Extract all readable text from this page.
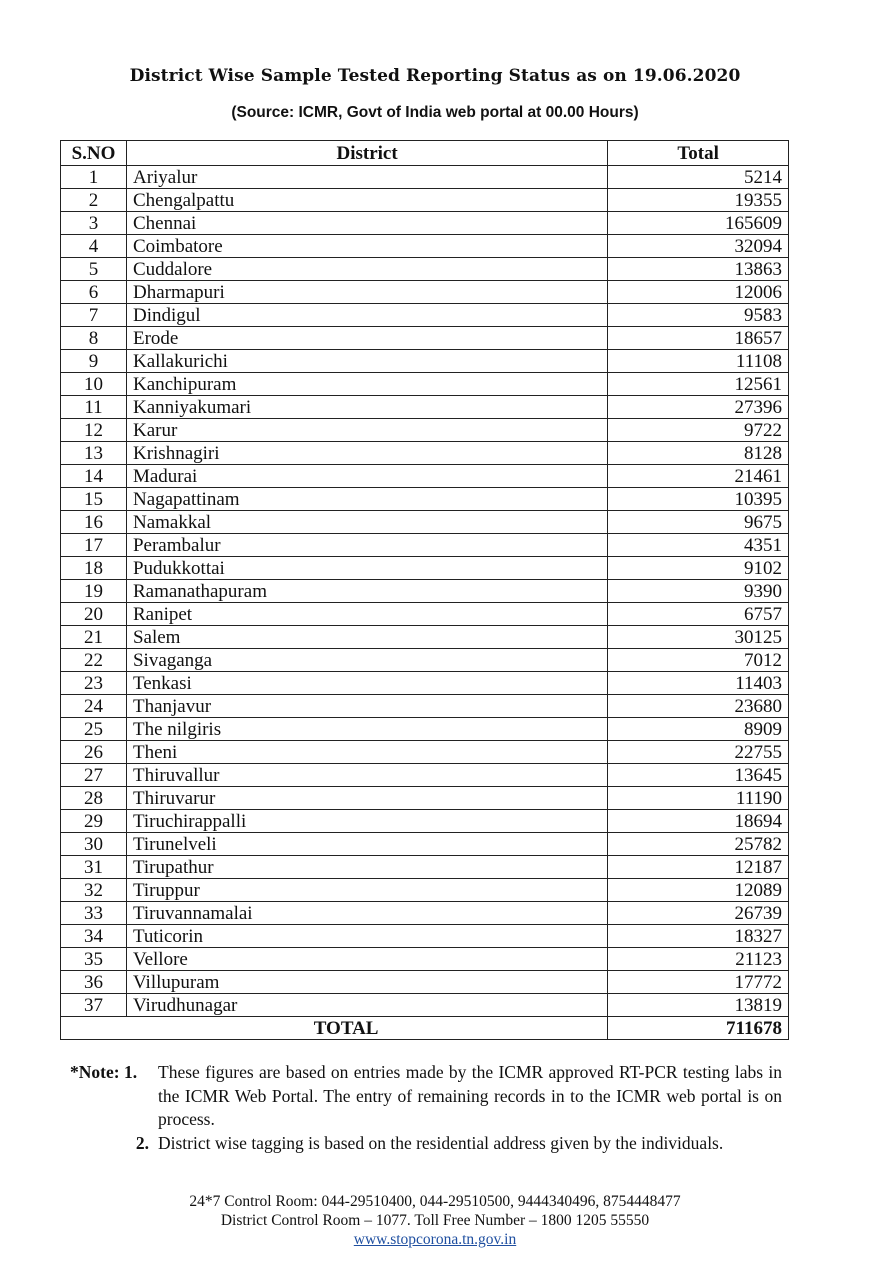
District Wise Sample Tested Reporting Status as on 19.06.2020
(Source: ICMR, Govt of India web portal at 00.00 Hours)
S.NO	District	Total
1	Ariyalur	5214
2	Chengalpattu	19355
3	Chennai	165609
4	Coimbatore	32094
5	Cuddalore	13863
6	Dharmapuri	12006
7	Dindigul	9583
8	Erode	18657
9	Kallakurichi	11108
10	Kanchipuram	12561
11	Kanniyakumari	27396
12	Karur	9722
13	Krishnagiri	8128
14	Madurai	21461
15	Nagapattinam	10395
16	Namakkal	9675
17	Perambalur	4351
18	Pudukkottai	9102
19	Ramanathapuram	9390
20	Ranipet	6757
21	Salem	30125
22	Sivaganga	7012
23	Tenkasi	11403
24	Thanjavur	23680
25	The nilgiris	8909
26	Theni	22755
27	Thiruvallur	13645
28	Thiruvarur	11190
29	Tiruchirappalli	18694
30	Tirunelveli	25782
31	Tirupathur	12187
32	Tiruppur	12089
33	Tiruvannamalai	26739
34	Tuticorin	18327
35	Vellore	21123
36	Villupuram	17772
37	Virudhunagar	13819
TOTAL		711678
*Note: 1.	These figures are based on entries made by the ICMR approved RT-PCR testing labs in the ICMR Web Portal. The entry of remaining records in to the ICMR web portal is on process.
2. District wise tagging is based on the residential address given by the individuals.
24*7 Control Room: 044-29510400, 044-29510500, 9444340496, 8754448477
District Control Room – 1077. Toll Free Number – 1800 1205 55550
www.stopcorona.tn.gov.in
